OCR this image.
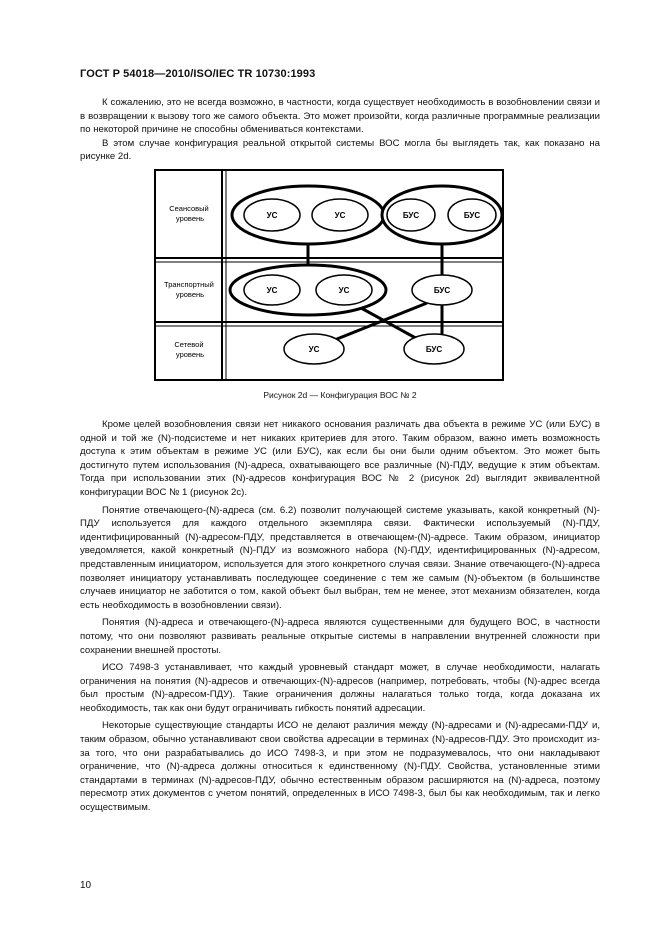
ГОСТ Р 54018—2010/ISO/IEC TR 10730:1993

К сожалению, это не всегда возможно, в частности, когда существует необходимость в возобновлении связи и в возвращении к вызову того же самого объекта. Это может произойти, когда различные программные реализации по некоторой причине не способны обмениваться контекстами.

В этом случае конфигурация реальной открытой системы ВОС могла бы выглядеть так, как показано на рисунке 2d.

Сеансовый уровень
Транспортный уровень
Сетевой уровень
УС	УС	БУС	БУС
УС	УС	БУС
УС	БУС
Рисунок 2d — Конфигурация ВОС № 2

Кроме целей возобновления связи нет никакого основания различать два объекта в режиме УС (или БУС) в одной и той же (N)-подсистеме и нет никаких критериев для этого. Таким образом, важно иметь возможность доступа к этим объектам в режиме УС (или БУС), как если бы они были одним объектом. Это может быть достигнуто путем использования (N)-адреса, охватывающего все различные (N)-ПДУ, ведущие к этим объектам. Тогда при использовании этих (N)-адресов конфигурация ВОС № 2 (рисунок 2d) выглядит эквивалентной конфигурации ВОС № 1 (рисунок 2c).

Понятие отвечающего-(N)-адреса (см. 6.2) позволит получающей системе указывать, какой конкретный (N)-ПДУ используется для каждого отдельного экземпляра связи. Фактически используемый (N)-ПДУ, идентифицированный (N)-адресом-ПДУ, представляется в отвечающем-(N)-адресе. Таким образом, инициатор уведомляется, какой конкретный (N)-ПДУ из возможного набора (N)-ПДУ, идентифицированных (N)-адресом, представленным инициатором, используется для этого конкретного случая связи. Знание отвечающего-(N)-адреса позволяет инициатору устанавливать последующее соединение с тем же самым (N)-объектом (в большинстве случаев инициатор не заботится о том, какой объект был выбран, тем не менее, этот механизм обязателен, когда есть необходимость в возобновлении связи).

Понятия (N)-адреса и отвечающего-(N)-адреса являются существенными для будущего ВОС, в частности потому, что они позволяют развивать реальные открытые системы в направлении внутренней сложности при сохранении внешней простоты.

ИСО 7498-3 устанавливает, что каждый уровневый стандарт может, в случае необходимости, налагать ограничения на понятия (N)-адресов и отвечающих-(N)-адресов (например, потребовать, чтобы (N)-адрес всегда был простым (N)-адресом-ПДУ). Такие ограничения должны налагаться только тогда, когда доказана их необходимость, так как они будут ограничивать гибкость понятий адресации.

Некоторые существующие стандарты ИСО не делают различия между (N)-адресами и (N)-адресами-ПДУ и, таким образом, обычно устанавливают свои свойства адресации в терминах (N)-адресов-ПДУ. Это происходит из-за того, что они разрабатывались до ИСО 7498-3, и при этом не подразумевалось, что они накладывают ограничение, что (N)-адреса должны относиться к единственному (N)-ПДУ. Свойства, установленные этими стандартами в терминах (N)-адресов-ПДУ, обычно естественным образом расширяются на (N)-адреса, поэтому пересмотр этих документов с учетом понятий, определенных в ИСО 7498-3, был бы как необходимым, так и легко осуществимым.

10
